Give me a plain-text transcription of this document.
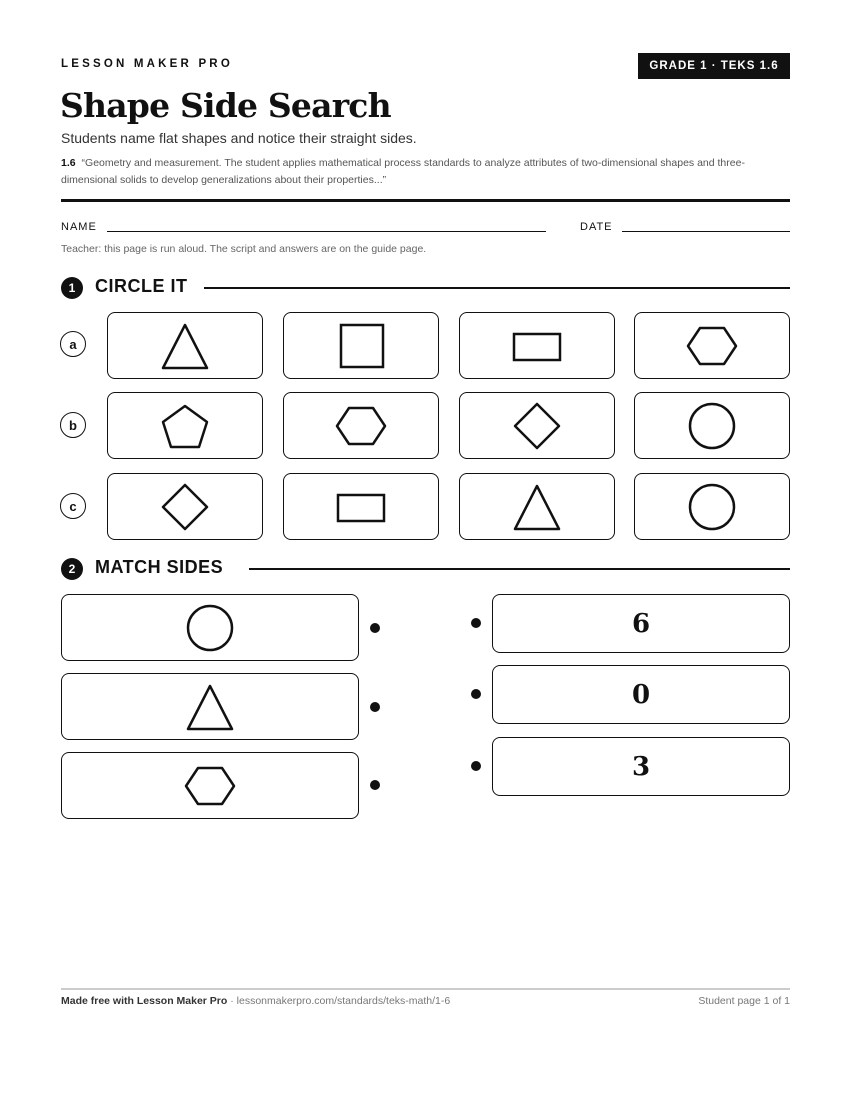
LESSON MAKER PRO	GRADE 1 · TEKS 1.6
Shape Side Search
Students name flat shapes and notice their straight sides.
1.6 “Geometry and measurement. The student applies mathematical process standards to analyze attributes of two-dimensional shapes and three-dimensional solids to develop generalizations about their properties...”
NAME	DATE
Teacher: this page is run aloud. The script and answers are on the guide page.
1	CIRCLE IT
a
b
c
2	MATCH SIDES
6
0
3
Made free with Lesson Maker Pro · lessonmakerpro.com/standards/teks-math/1-6	Student page 1 of 1
